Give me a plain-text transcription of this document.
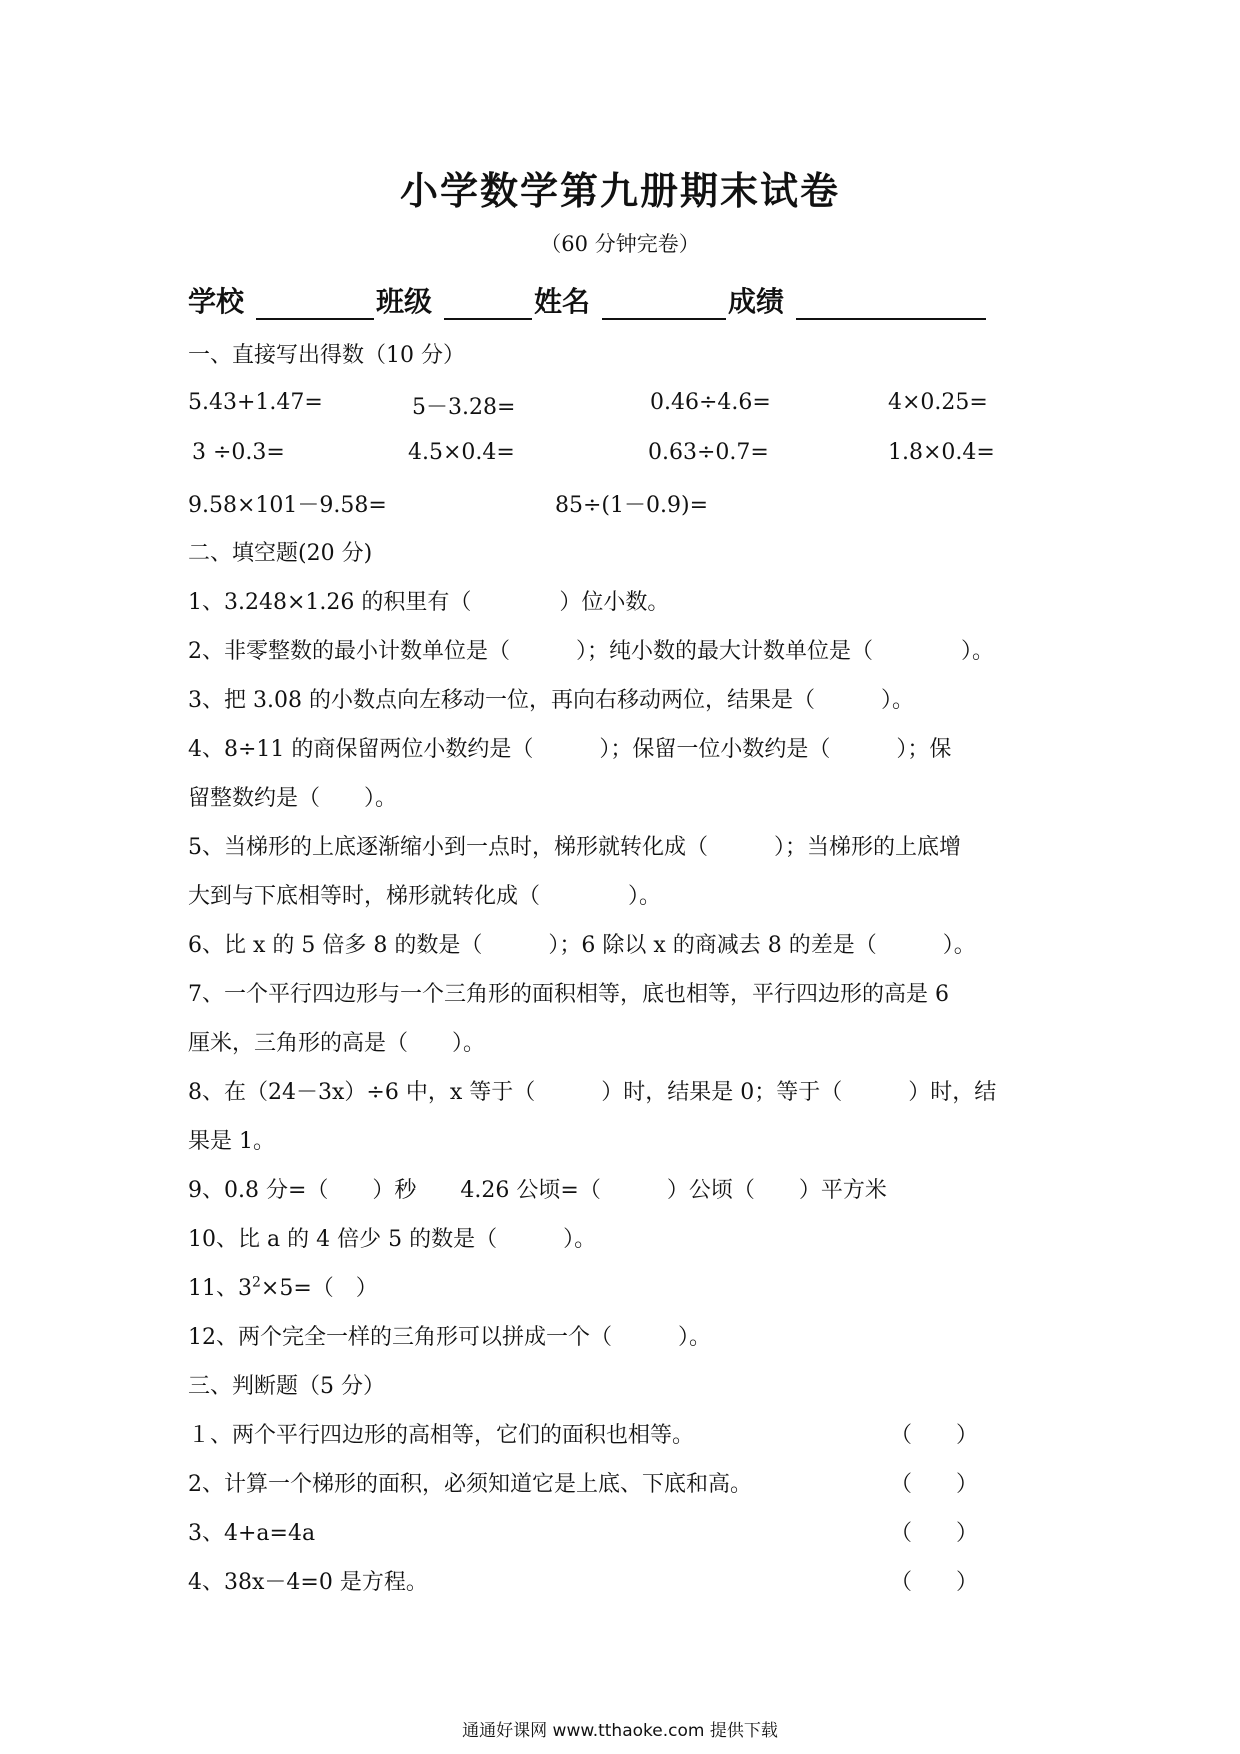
小学数学第九册期末试卷
（60 分钟完卷）
学校	班级	姓名	成绩
一、直接写出得数（10 分）
5.43+1.47=	5－3.28=	0.46÷4.6=	4×0.25=
3 ÷0.3=	4.5×0.4=	0.63÷0.7=	1.8×0.4=
9.58×101－9.58=	85÷(1－0.9)=
二、填空题(20 分)
1、3.248×1.26 的积里有（　　　　）位小数。
2、非零整数的最小计数单位是（　　　）；纯小数的最大计数单位是（　　　　）。
3、把 3.08 的小数点向左移动一位，再向右移动两位，结果是（　　　）。
4、8÷11 的商保留两位小数约是（　　　）；保留一位小数约是（　　　）；保
留整数约是（　　）。
5、当梯形的上底逐渐缩小到一点时，梯形就转化成（　　　）；当梯形的上底增
大到与下底相等时，梯形就转化成（　　　　）。
6、比 x 的 5 倍多 8 的数是（　　　）；6 除以 x 的商减去 8 的差是（　　　）。
7、一个平行四边形与一个三角形的面积相等，底也相等，平行四边形的高是 6
厘米，三角形的高是（　　）。
8、在（24－3x）÷6 中，x 等于（　　　）时，结果是 0；等于（　　　）时，结
果是 1。
9、0.8 分=（　　）秒　　4.26 公顷=（　　　）公顷（　　）平方米
10、比 a 的 4 倍少 5 的数是（　　　）。
11、$3^2\times 5=$（　）
12、两个完全一样的三角形可以拼成一个（　　　）。
三、判断题（5 分）
１、两个平行四边形的高相等，它们的面积也相等。	（　　）
2、计算一个梯形的面积，必须知道它是上底、下底和高。	（　　）
3、4+a=4a	（　　）
4、38x－4=0 是方程。	（　　）
通通好课网 www.tthaoke.com 提供下载
